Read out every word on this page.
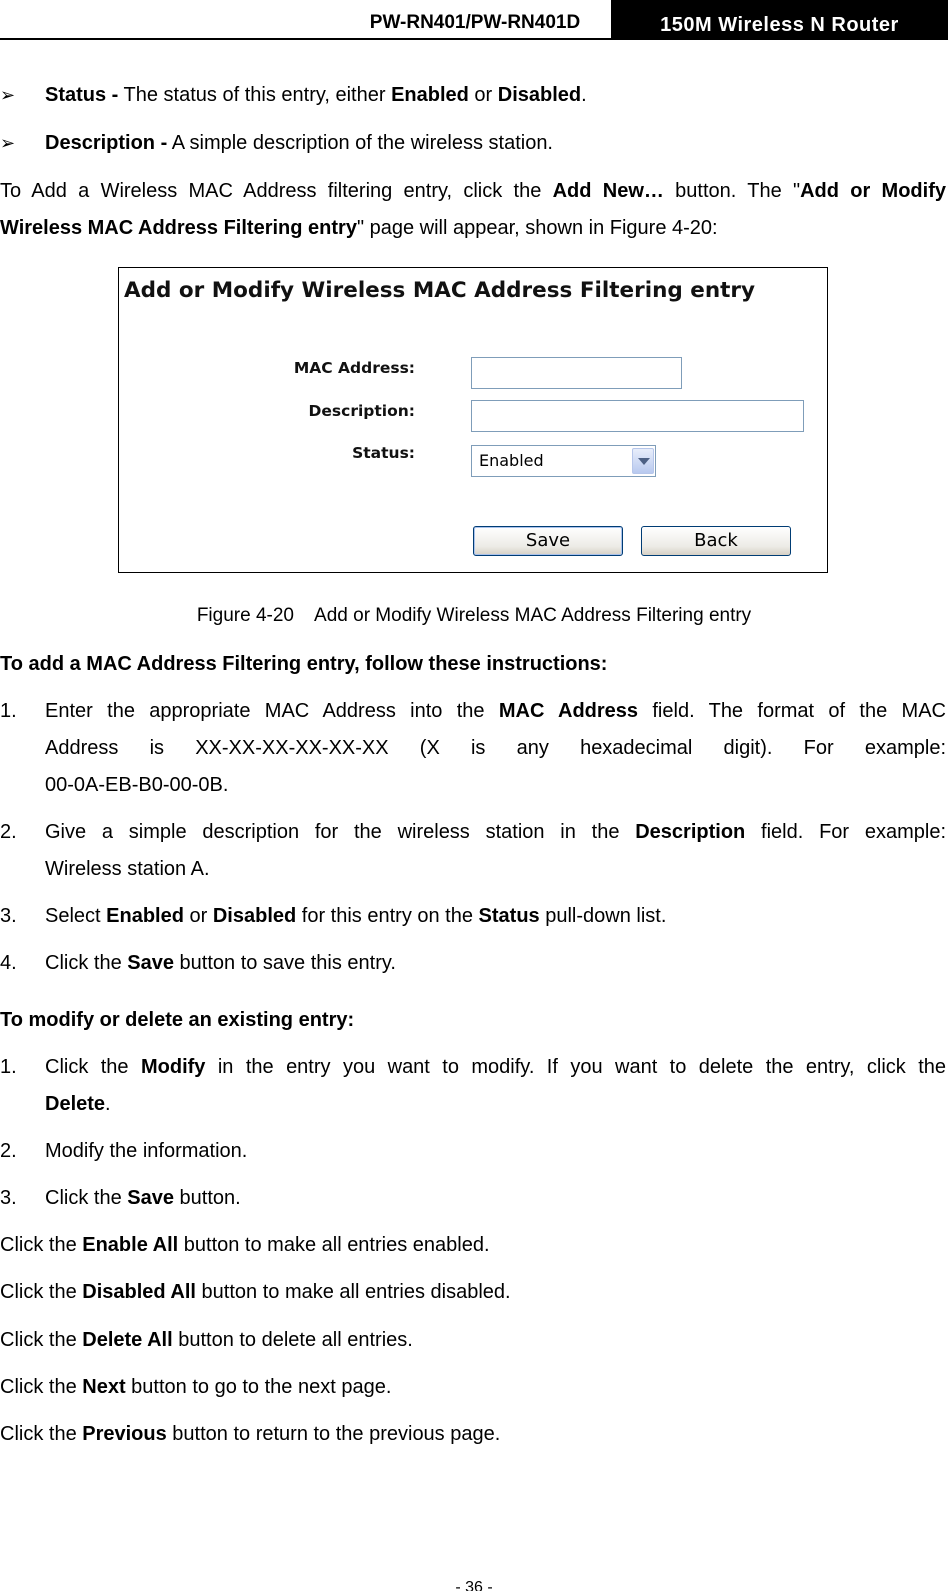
PW-RN401/PW-RN401D	150M Wireless N Router
➢ Status - The status of this entry, either Enabled or Disabled.
➢ Description - A simple description of the wireless station.
To Add a Wireless MAC Address filtering entry, click the Add New… button. The "Add or Modify
Wireless MAC Address Filtering entry" page will appear, shown in Figure 4-20:
Add or Modify Wireless MAC Address Filtering entry
MAC Address:
Description:
Status:	Enabled
Save	Back
Figure 4-20    Add or Modify Wireless MAC Address Filtering entry
To add a MAC Address Filtering entry, follow these instructions:
1. Enter the appropriate MAC Address into the MAC Address field. The format of the MAC
Address is XX-XX-XX-XX-XX-XX (X is any hexadecimal digit). For example:
00-0A-EB-B0-00-0B.
2. Give a simple description for the wireless station in the Description field. For example:
Wireless station A.
3. Select Enabled or Disabled for this entry on the Status pull-down list.
4. Click the Save button to save this entry.
To modify or delete an existing entry:
1. Click the Modify in the entry you want to modify. If you want to delete the entry, click the
Delete.
2. Modify the information.
3. Click the Save button.
Click the Enable All button to make all entries enabled.
Click the Disabled All button to make all entries disabled.
Click the Delete All button to delete all entries.
Click the Next button to go to the next page.
Click the Previous button to return to the previous page.
- 36 -
